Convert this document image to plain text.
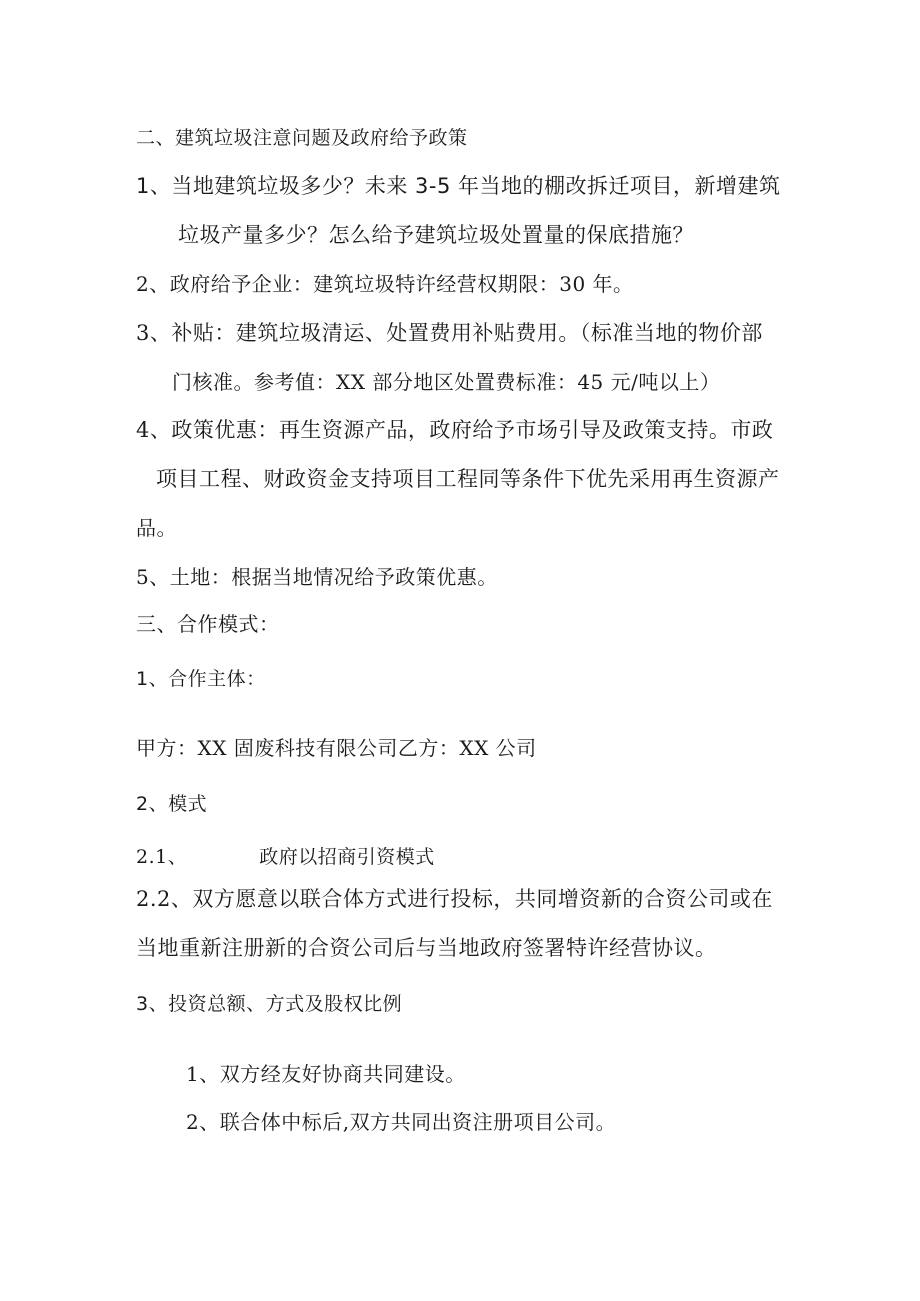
二、建筑垃圾注意问题及政府给予政策
1、当地建筑垃圾多少？未来 3-5 年当地的棚改拆迁项目，新增建筑
垃圾产量多少？怎么给予建筑垃圾处置量的保底措施？
2、政府给予企业：建筑垃圾特许经营权期限：30 年。
3、补贴：建筑垃圾清运、处置费用补贴费用。（标准当地的物价部
门核准。参考值：XX 部分地区处置费标准：45 元/吨以上）
4、政策优惠：再生资源产品，政府给予市场引导及政策支持。市政
项目工程、财政资金支持项目工程同等条件下优先采用再生资源产
品。
5、土地：根据当地情况给予政策优惠。
三、合作模式：
1、合作主体：
甲方：XX 固废科技有限公司乙方：XX 公司
2、模式
2.1、	政府以招商引资模式
2.2、双方愿意以联合体方式进行投标，共同增资新的合资公司或在
当地重新注册新的合资公司后与当地政府签署特许经营协议。
3、投资总额、方式及股权比例
1、双方经友好协商共同建设。
2、联合体中标后,双方共同出资注册项目公司。
